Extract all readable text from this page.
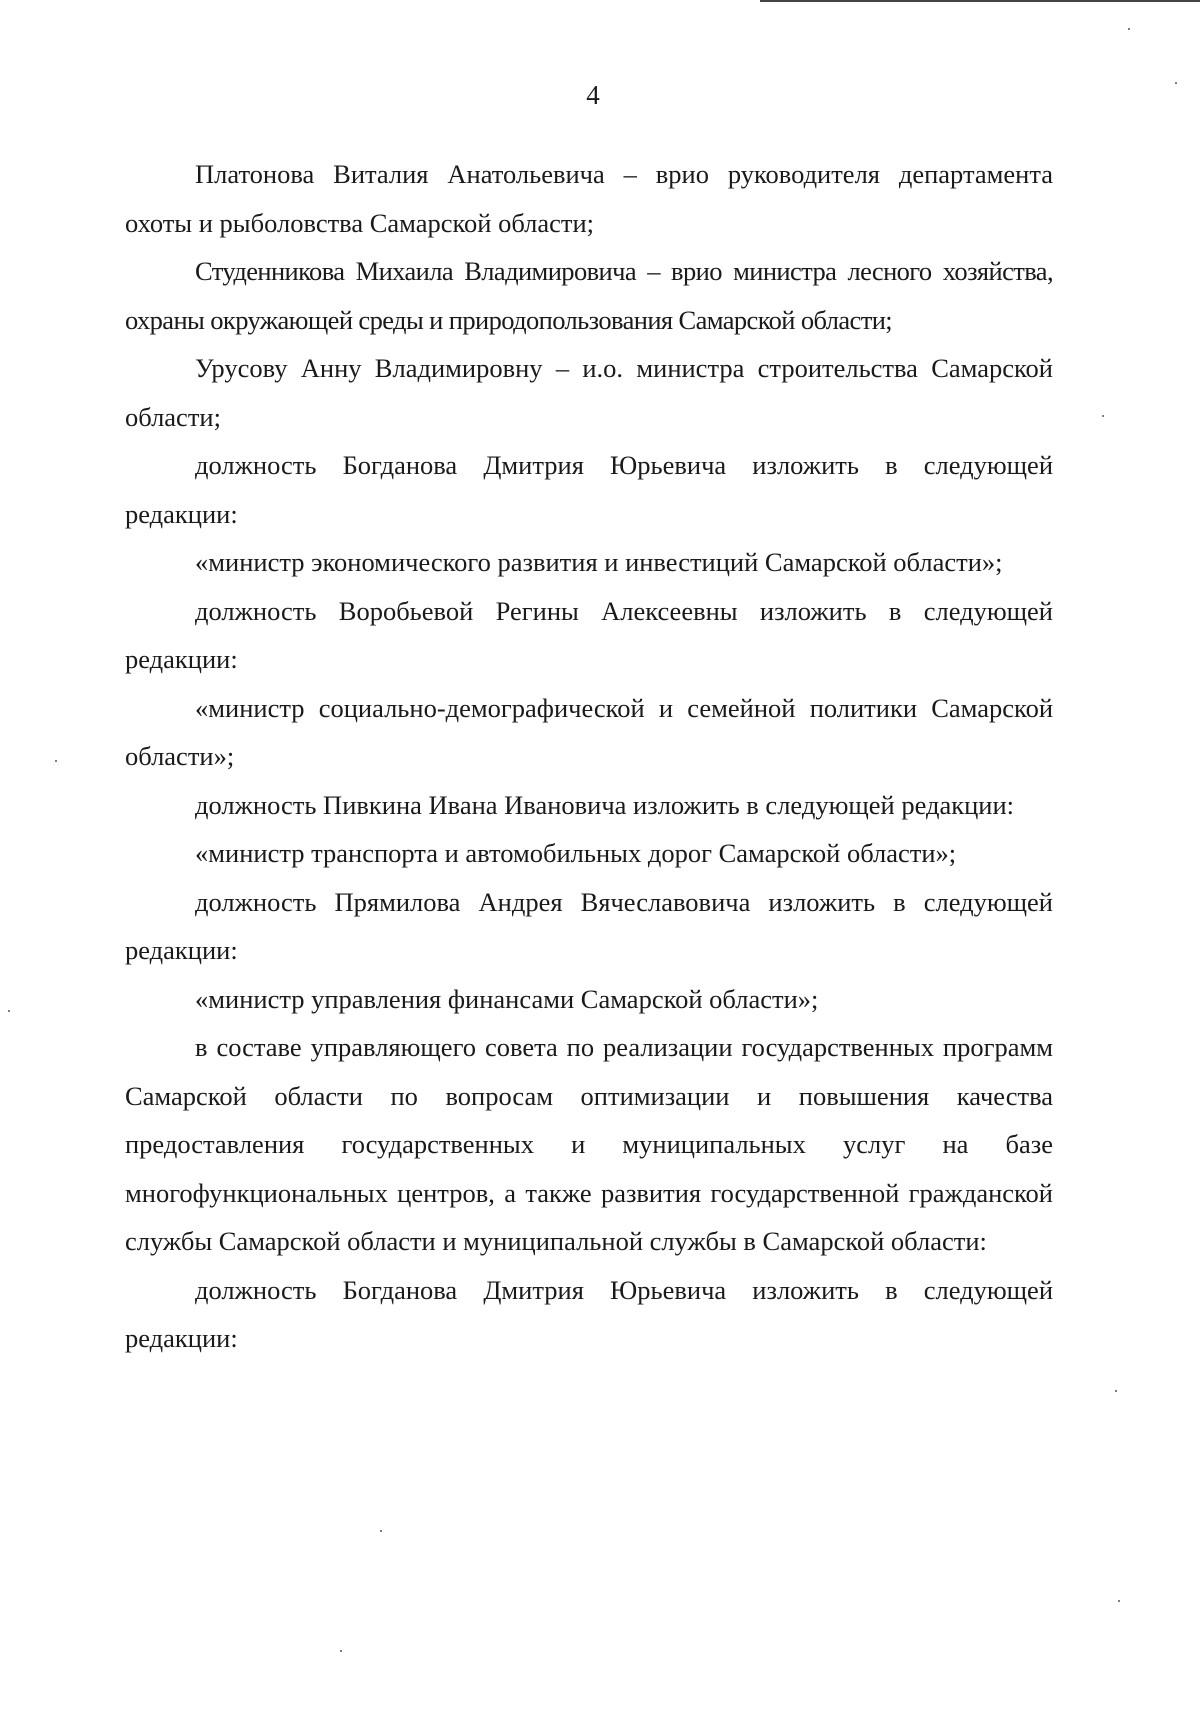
4

Платонова Виталия Анатольевича – врио руководителя департамента охоты и рыболовства Самарской области;

Студенникова Михаила Владимировича – врио министра лесного хозяйства, охраны окружающей среды и природопользования Самарской области;

Урусову Анну Владимировну – и.о. министра строительства Самарской области;

должность Богданова Дмитрия Юрьевича изложить в следующей редакции:

«министр экономического развития и инвестиций Самарской области»;

должность Воробьевой Регины Алексеевны изложить в следующей редакции:

«министр социально-демографической и семейной политики Самарской области»;

должность Пивкина Ивана Ивановича изложить в следующей редакции:

«министр транспорта и автомобильных дорог Самарской области»;

должность Прямилова Андрея Вячеславовича изложить в следующей редакции:

«министр управления финансами Самарской области»;

в составе управляющего совета по реализации государственных программ Самарской области по вопросам оптимизации и повышения качества предоставления государственных и муниципальных услуг на базе многофункциональных центров, а также развития государственной гражданской службы Самарской области и муниципальной службы в Самарской области:

должность Богданова Дмитрия Юрьевича изложить в следующей редакции:
